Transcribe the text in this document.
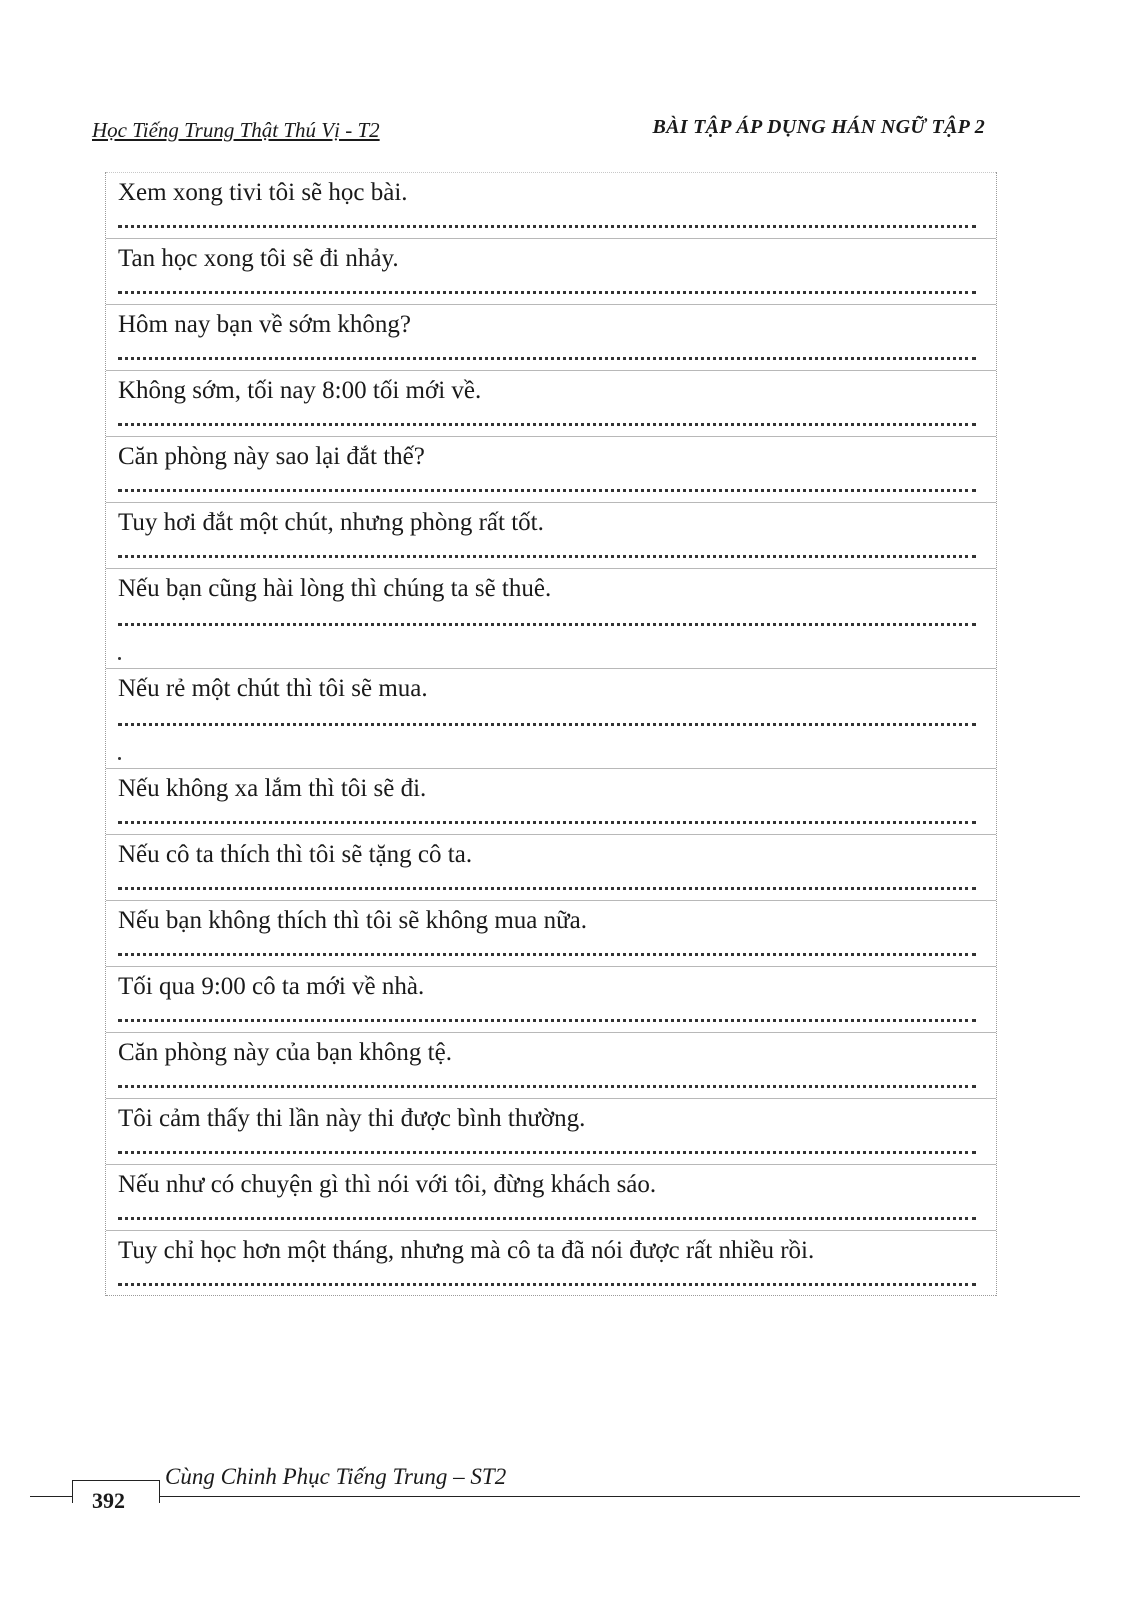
Học Tiếng Trung Thật Thú Vị - T2	BÀI TẬP ÁP DỤNG HÁN NGỮ TẬP 2
Xem xong tivi tôi sẽ học bài.
Tan học xong tôi sẽ đi nhảy.
Hôm nay bạn về sớm không?
Không sớm, tối nay 8:00 tối mới về.
Căn phòng này sao lại đắt thế?
Tuy hơi đắt một chút, nhưng phòng rất tốt.
Nếu bạn cũng hài lòng thì chúng ta sẽ thuê.
Nếu rẻ một chút thì tôi sẽ mua.
Nếu không xa lắm thì tôi sẽ đi.
Nếu cô ta thích thì tôi sẽ tặng cô ta.
Nếu bạn không thích thì tôi sẽ không mua nữa.
Tối qua 9:00 cô ta mới về nhà.
Căn phòng này của bạn không tệ.
Tôi cảm thấy thi lần này thi được bình thường.
Nếu như có chuyện gì thì nói với tôi, đừng khách sáo.
Tuy chỉ học hơn một tháng, nhưng mà cô ta đã nói được rất nhiều rồi.
392
Cùng Chinh Phục Tiếng Trung – ST2
